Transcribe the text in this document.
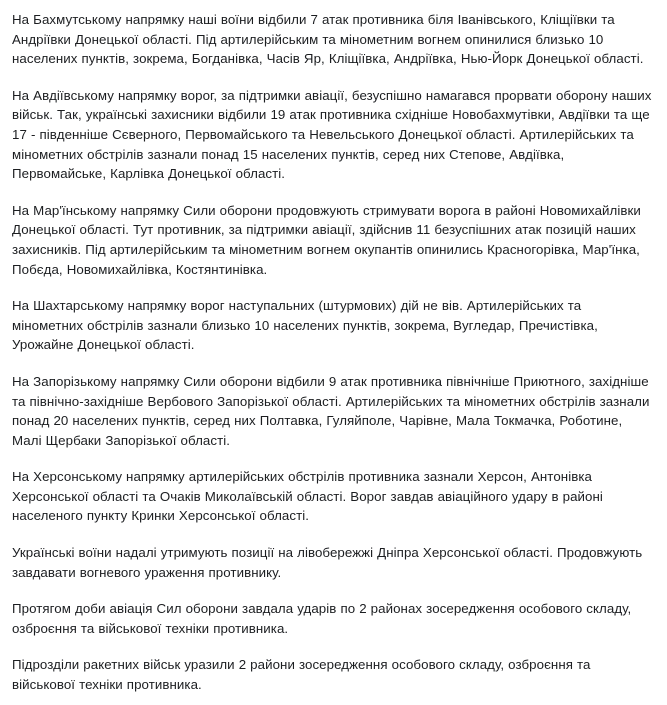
На Бахмутському напрямку наші воїни відбили 7 атак противника біля Іванівського, Кліщіївки та Андріївки Донецької області. Під артилерійським та мінометним вогнем опинилися близько 10 населених пунктів, зокрема, Богданівка, Часів Яр, Кліщіївка, Андріївка, Нью-Йорк Донецької області.

На Авдіївському напрямку ворог, за підтримки авіації, безуспішно намагався прорвати оборону наших військ. Так, українські захисники відбили 19 атак противника східніше Новобахмутівки, Авдіївки та ще 17 - південніше Сєверного, Первомайського та Невельського Донецької області. Артилерійських та мінометних обстрілів зазнали понад 15 населених пунктів, серед них Степове, Авдіївка, Первомайське, Карлівка Донецької області.

На Мар'їнському напрямку Сили оборони продовжують стримувати ворога в районі Новомихайлівки Донецької області. Тут противник, за підтримки авіації, здійснив 11 безуспішних атак позицій наших захисників. Під артилерійським та мінометним вогнем окупантів опинились Красногорівка, Мар'їнка, Побєда, Новомихайлівка, Костянтинівка.

На Шахтарському напрямку ворог наступальних (штурмових) дій не вів. Артилерійських та мінометних обстрілів зазнали близько 10 населених пунктів, зокрема, Вугледар, Пречистівка, Урожайне Донецької області.

На Запорізькому напрямку Сили оборони відбили 9 атак противника північніше Приютного, західніше та північно-західніше Вербового Запорізької області. Артилерійських та мінометних обстрілів зазнали понад 20 населених пунктів, серед них Полтавка, Гуляйполе, Чарівне, Мала Токмачка, Роботине, Малі Щербаки Запорізької області.

На Херсонському напрямку артилерійських обстрілів противника зазнали Херсон, Антонівка Херсонської області та Очаків Миколаївській області. Ворог завдав авіаційного удару в районі населеного пункту Кринки Херсонської області.

Українські воїни надалі утримують позиції на лівобережжі Дніпра Херсонської області. Продовжують завдавати вогневого ураження противнику.

Протягом доби авіація Сил оборони завдала ударів по 2 районах зосередження особового складу, озброєння та військової техніки противника.

Підрозділи ракетних військ уразили 2 райони зосередження особового складу, озброєння та військової техніки противника.
